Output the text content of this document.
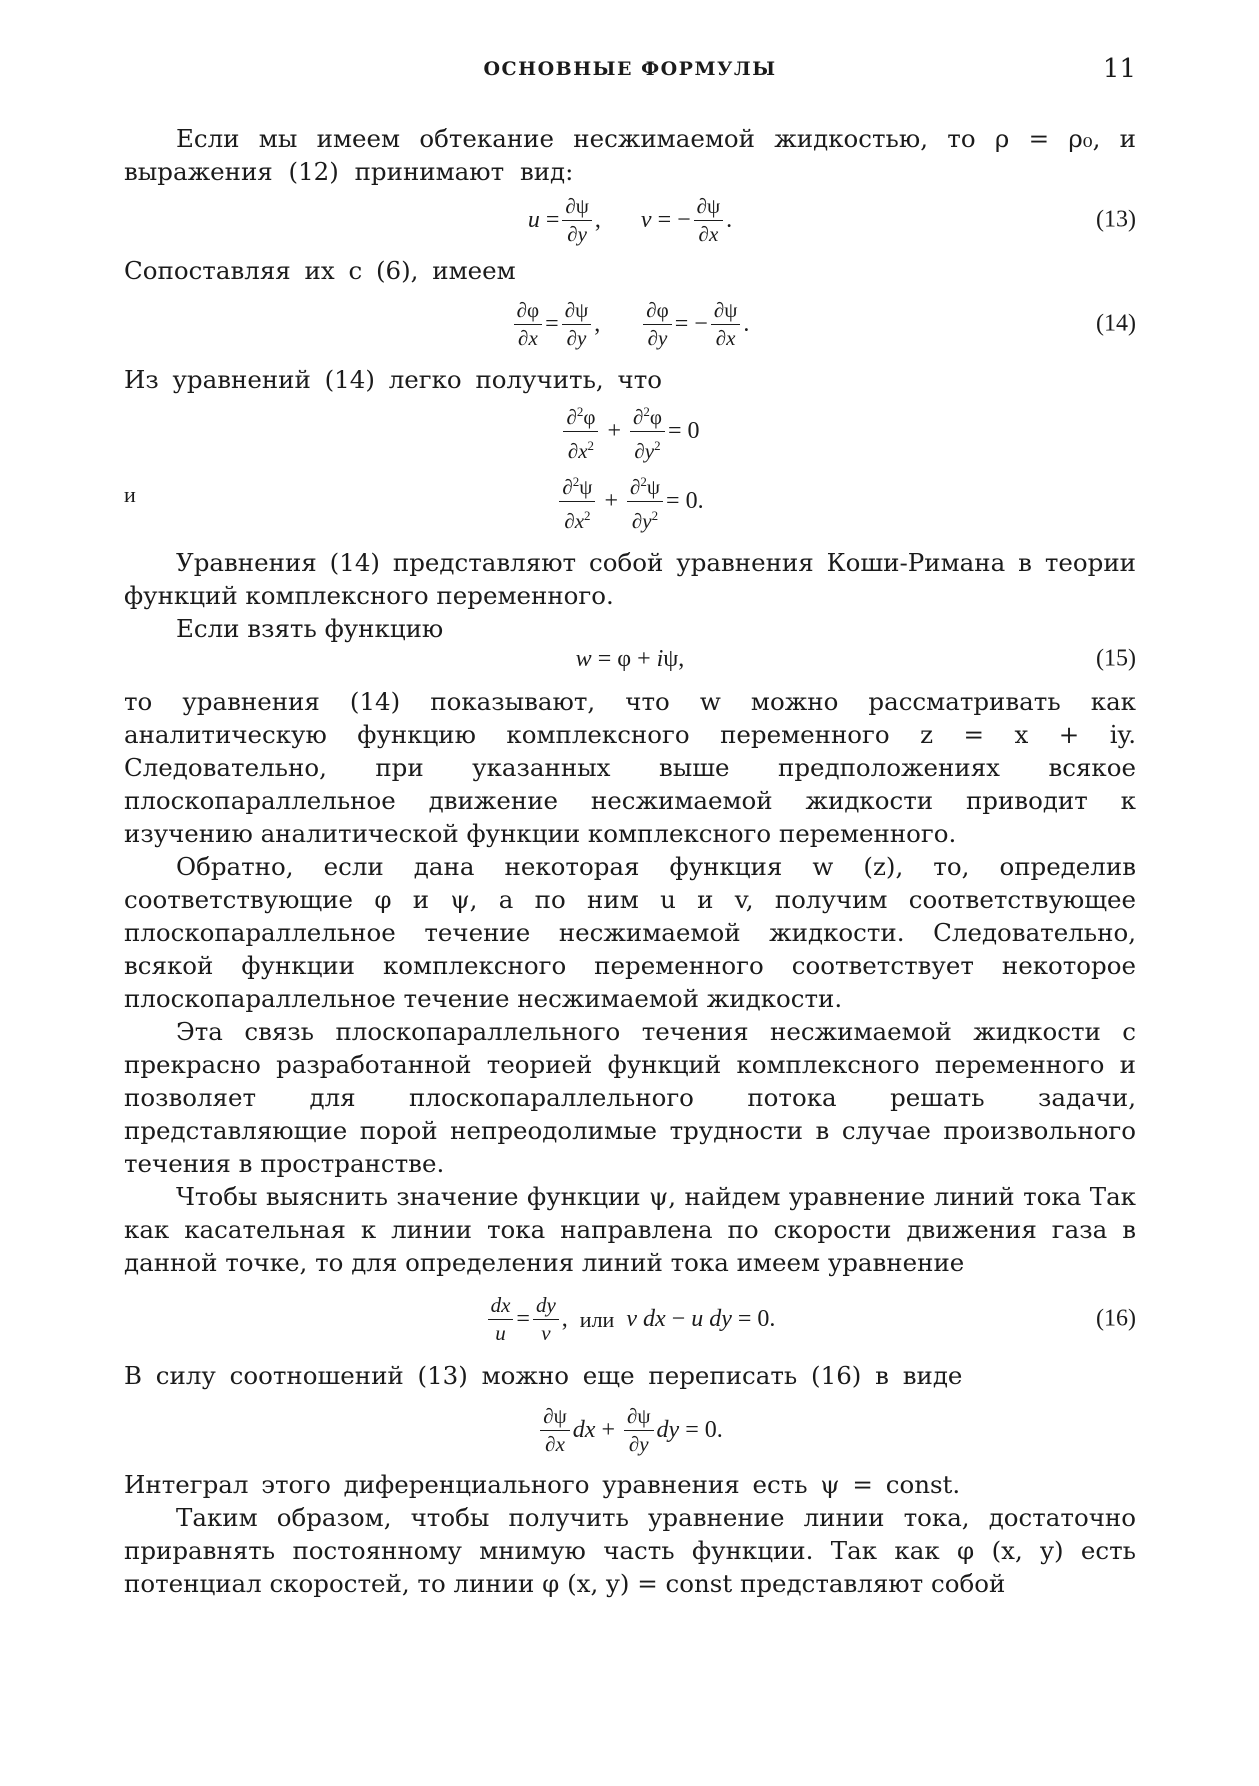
ОСНОВНЫЕ ФОРМУЛЫ	11

Если мы имеем обтекание несжимаемой жидкостью, то ρ = ρ₀, и выражения (12) принимают вид:

$u = \frac{\partial\psi}{\partial y}$ , v = − $\frac{\partial\psi}{\partial x}$ .	(13)

Сопоставляя их с (6), имеем

$\frac{\partial\varphi}{\partial x} = \frac{\partial\psi}{\partial y}$ , $\frac{\partial\varphi}{\partial y}$ = − $\frac{\partial\psi}{\partial x}$ .	(14)

Из уравнений (14) легко получить, что

$\frac{\partial^2\varphi}{\partial x^2} + \frac{\partial^2\varphi}{\partial y^2} = 0$
и	$\frac{\partial^2\psi}{\partial x^2} + \frac{\partial^2\psi}{\partial y^2} = 0$.

Уравнения (14) представляют собой уравнения Коши-Римана в теории функций комплексного переменного.

Если взять функцию

w = φ + iψ,	(15)

то уравнения (14) показывают, что w можно рассматривать как аналитическую функцию комплексного переменного z = x + iy. Следовательно, при указанных выше предположениях всякое плоскопараллельное движение несжимаемой жидкости приводит к изучению аналитической функции комплексного переменного.

Обратно, если дана некоторая функция w (z), то, определив соответствующие φ и ψ, а по ним u и v, получим соответствующее плоскопараллельное течение несжимаемой жидкости. Следовательно, всякой функции комплексного переменного соответствует некоторое плоскопараллельное течение несжимаемой жидкости.

Эта связь плоскопараллельного течения несжимаемой жидкости с прекрасно разработанной теорией функций комплексного переменного и позволяет для плоскопараллельного потока решать задачи, представляющие порой непреодолимые трудности в случае произвольного течения в пространстве.

Чтобы выяснить значение функции ψ, найдем уравнение линий тока Так как касательная к линии тока направлена по скорости движения газа в данной точке, то для определения линий тока имеем уравнение

$\frac{dx}{u} = \frac{dy}{v}$ , или v dx − u dy = 0.	(16)

В силу соотношений (13) можно еще переписать (16) в виде

$\frac{\partial\psi}{\partial x}$ dx + $\frac{\partial\psi}{\partial y}$ dy = 0.

Интеграл этого диференциального уравнения есть ψ = const.

Таким образом, чтобы получить уравнение линии тока, достаточно приравнять постоянному мнимую часть функции. Так как φ (x, y) есть потенциал скоростей, то линии φ (x, y) = const представляют собой
